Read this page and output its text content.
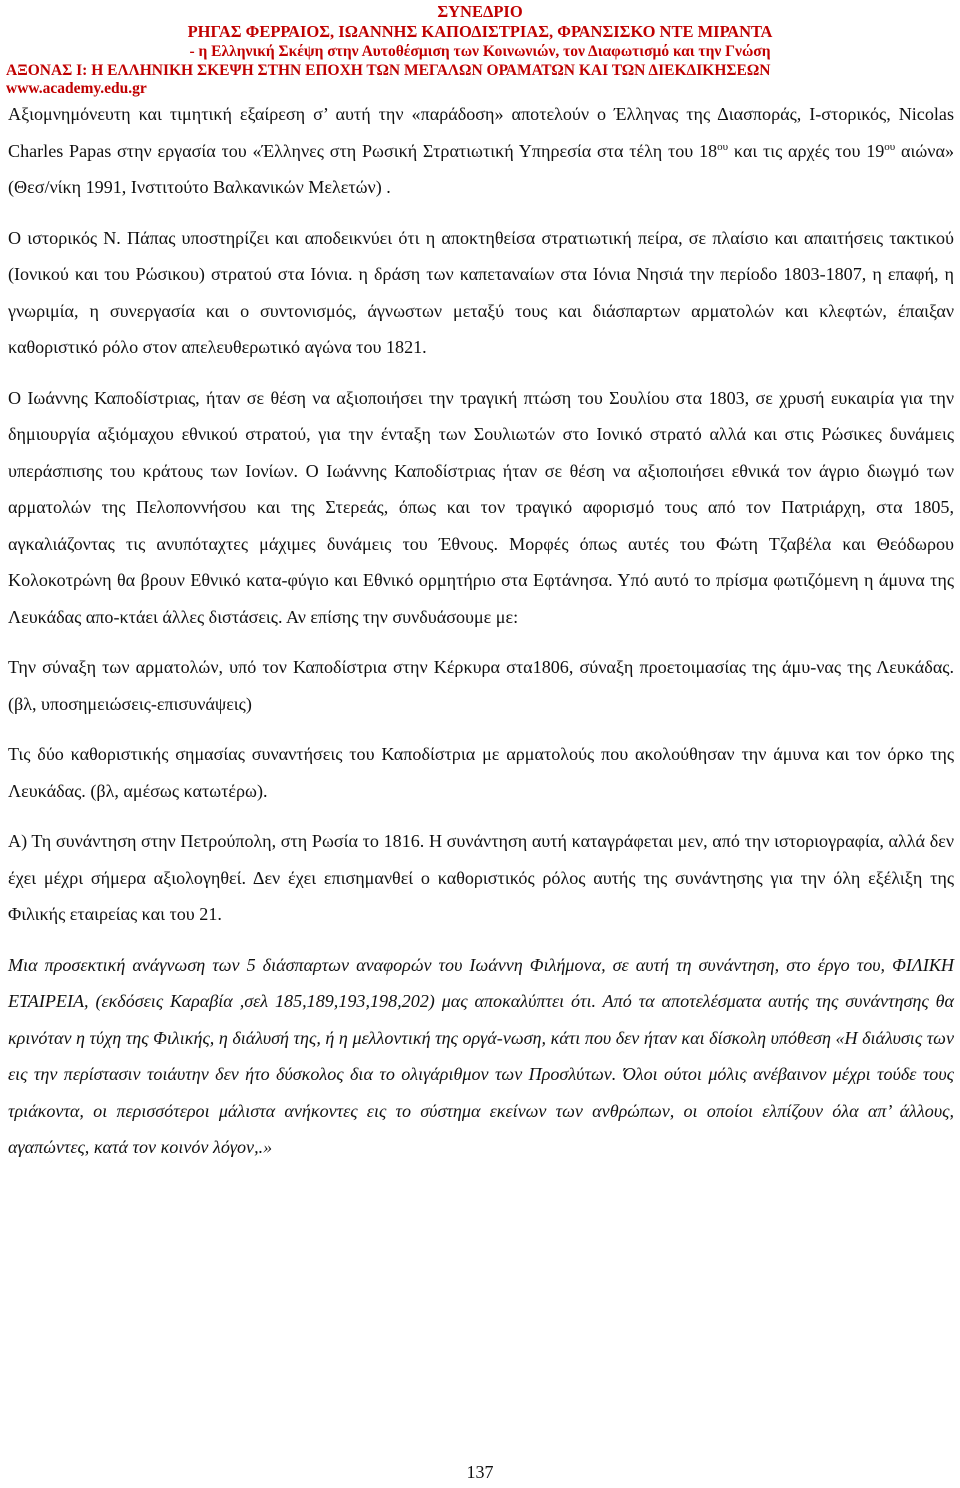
ΣΥΝΕΔΡΙΟ
ΡΗΓΑΣ ΦΕΡΡΑΙΟΣ, ΙΩΑΝΝΗΣ ΚΑΠΟΔΙΣΤΡΙΑΣ, ΦΡΑΝΣΙΣΚΟ ΝΤΕ ΜΙΡΑΝΤΑ
- η Ελληνική Σκέψη στην Αυτοθέσμιση των Κοινωνιών, τον Διαφωτισμό και την Γνώση
ΑΞΟΝΑΣ I: Η ΕΛΛΗΝΙΚΗ ΣΚΕΨΗ ΣΤΗΝ ΕΠΟΧΗ ΤΩΝ ΜΕΓΑΛΩΝ ΟΡΑΜΑΤΩΝ ΚΑΙ ΤΩΝ ΔΙΕΚΔΙΚΗΣΕΩΝ
www.academy.edu.gr

Αξιομνημόνευτη και τιμητική εξαίρεση σ’ αυτή την «παράδοση» αποτελούν ο Έλληνας της Διασποράς, Ι-στορικός, Nicolas Charles Papas στην εργασία του «Έλληνες στη Ρωσική Στρατιωτική Υπηρεσία στα τέλη του $18^{o\upsilon}$ και τις αρχές του $19^{o\upsilon}$ αιώνα» (Θεσ/νίκη 1991, Ινστιτούτο Βαλκανικών Μελετών) .

Ο ιστορικός Ν. Πάπας υποστηρίζει και αποδεικνύει ότι η αποκτηθείσα στρατιωτική πείρα, σε πλαίσιο και απαιτήσεις τακτικού (Ιονικού και του Ρώσικου) στρατού στα Ιόνια. η δράση των καπεταναίων στα Ιόνια Νησιά την περίοδο 1803-1807, η επαφή, η γνωριμία, η συνεργασία και ο συντονισμός, άγνωστων μεταξύ τους και διάσπαρτων αρματολών και κλεφτών, έπαιξαν καθοριστικό ρόλο στον απελευθερωτικό αγώνα του 1821.

Ο Ιωάννης Καποδίστριας, ήταν σε θέση να αξιοποιήσει την τραγική πτώση του Σουλίου στα 1803, σε χρυσή ευκαιρία για την δημιουργία αξιόμαχου εθνικού στρατού, για την ένταξη των Σουλιωτών στο Ιονικό στρατό αλλά και στις Ρώσικες δυνάμεις υπεράσπισης του κράτους των Ιονίων. Ο Ιωάννης Καποδίστριας ήταν σε θέση να αξιοποιήσει εθνικά τον άγριο διωγμό των αρματολών της Πελοποννήσου και της Στερεάς, όπως και τον τραγικό αφορισμό τους από τον Πατριάρχη, στα 1805, αγκαλιάζοντας τις ανυπόταχτες μάχιμες δυνάμεις του Έθνους. Μορφές όπως αυτές του Φώτη Τζαβέλα και Θεόδωρου Κολοκοτρώνη θα βρουν Εθνικό κατα-φύγιο και Εθνικό ορμητήριο στα Εφτάνησα. Υπό αυτό το πρίσμα φωτιζόμενη η άμυνα της Λευκάδας απο-κτάει άλλες διστάσεις. Αν επίσης την συνδυάσουμε με:

Την σύναξη των αρματολών, υπό τον Καποδίστρια στην Κέρκυρα στα1806, σύναξη προετοιμασίας της άμυ-νας της Λευκάδας. (βλ, υποσημειώσεις-επισυνάψεις)

Τις δύο καθοριστικής σημασίας συναντήσεις του Καποδίστρια με αρματολούς που ακολούθησαν την άμυνα και τον όρκο της Λευκάδας. (βλ, αμέσως κατωτέρω).

Α) Τη συνάντηση στην Πετρούπολη, στη Ρωσία το 1816. Η συνάντηση αυτή καταγράφεται μεν, από την ιστοριογραφία, αλλά δεν έχει μέχρι σήμερα αξιολογηθεί. Δεν έχει επισημανθεί ο καθοριστικός ρόλος αυτής της συνάντησης για την όλη εξέλιξη της Φιλικής εταιρείας και του 21.

Μια προσεκτική ανάγνωση των 5 διάσπαρτων αναφορών του Ιωάννη Φιλήμονα, σε αυτή τη συνάντηση, στο έργο του, ΦΙΛΙΚΗ ΕΤΑΙΡΕΙΑ, (εκδόσεις Καραβία ,σελ 185,189,193,198,202) μας αποκαλύπτει ότι. Από τα αποτελέσματα αυτής της συνάντησης θα κρινόταν η τύχη της Φιλικής, η διάλυσή της, ή η μελλοντική της οργά-νωση, κάτι που δεν ήταν και δίσκολη υπόθεση «Η διάλυσις των εις την περίστασιν τοιάυτην δεν ήτο δύσκολος δια το ολιγάριθμον των Προσλύτων. Όλοι ούτοι μόλις ανέβαινον μέχρι τούδε τους τριάκοντα, οι περισσότεροι μάλιστα ανήκοντες εις το σύστημα εκείνων των ανθρώπων, οι οποίοι ελπίζουν όλα απ’ άλλους, αγαπώντες, κατά τον κοινόν λόγον,.»

137
